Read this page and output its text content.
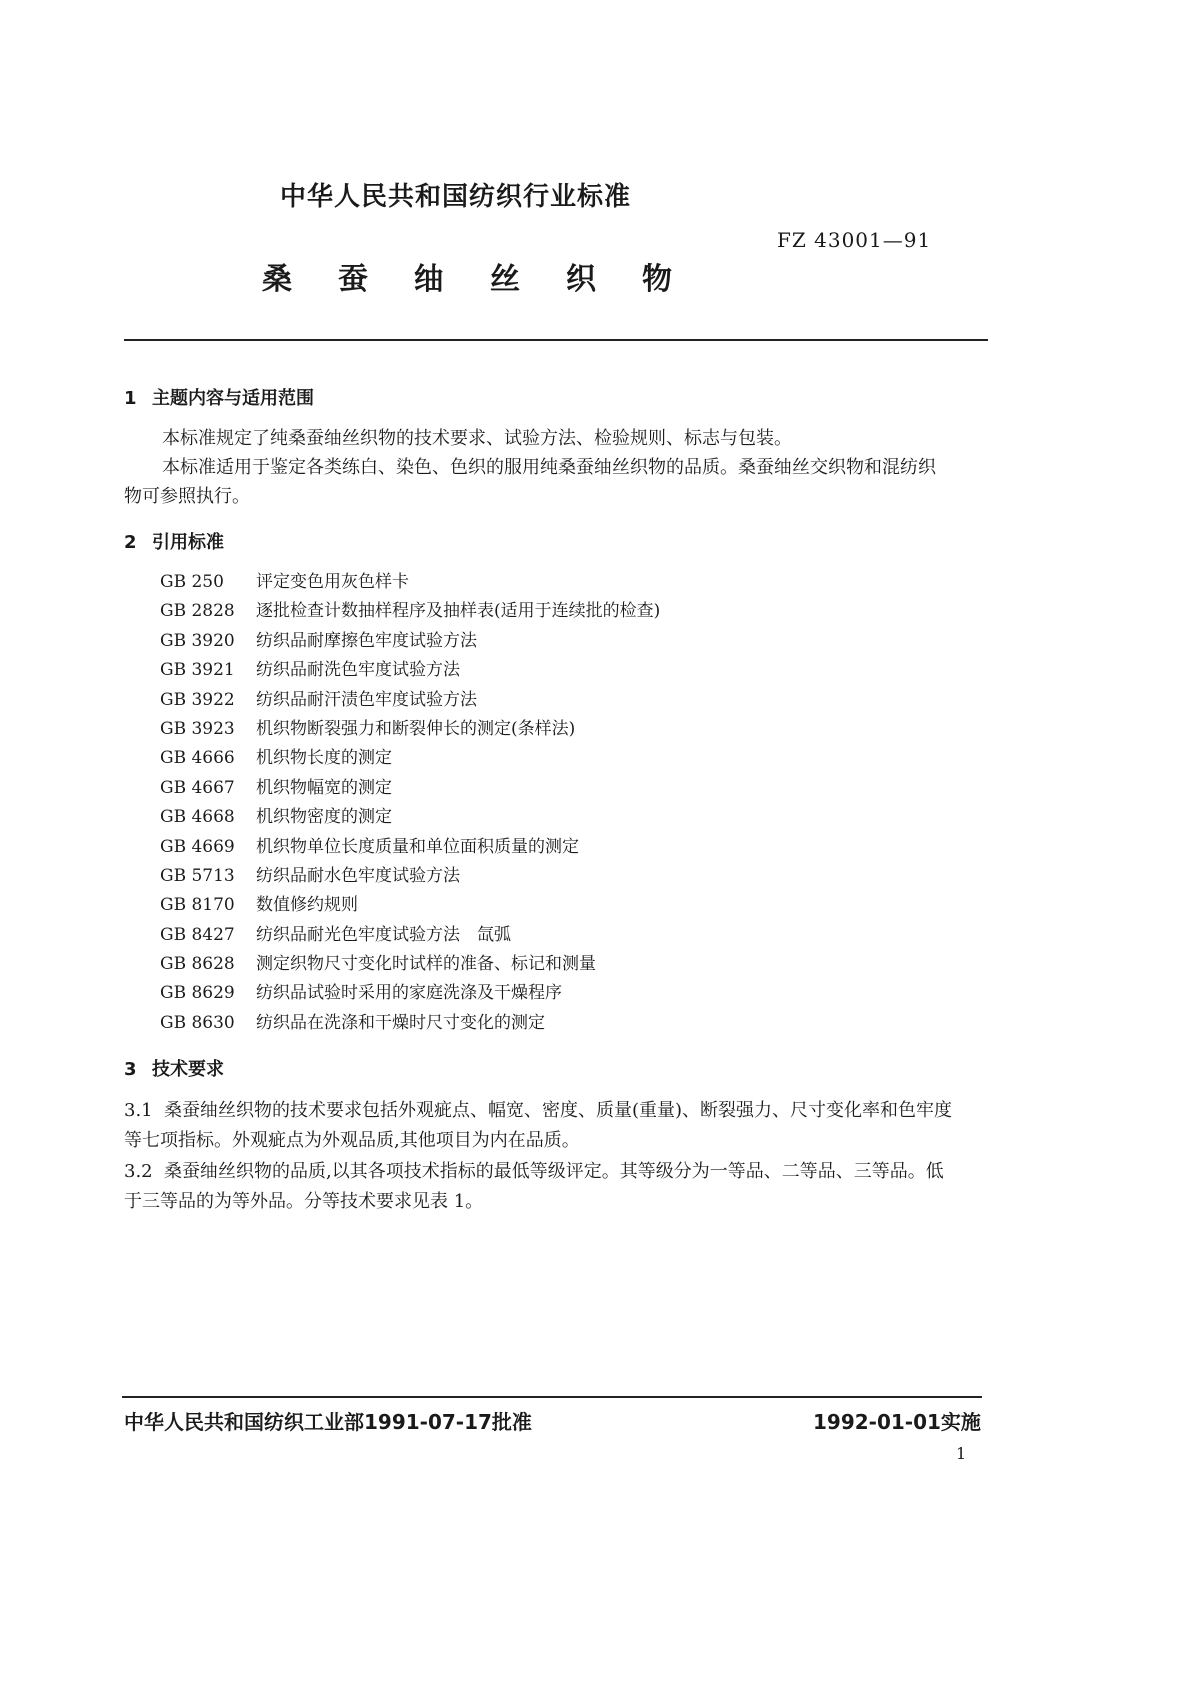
中华人民共和国纺织行业标准
FZ 43001—91
桑 蚕 䌷 丝 织 物
1 主题内容与适用范围
本标准规定了纯桑蚕䌷丝织物的技术要求、试验方法、检验规则、标志与包装。
本标准适用于鉴定各类练白、染色、色织的服用纯桑蚕䌷丝织物的品质。桑蚕䌷丝交织物和混纺织
物可参照执行。
2 引用标准
GB 250 评定变色用灰色样卡
GB 2828 逐批检查计数抽样程序及抽样表(适用于连续批的检查)
GB 3920 纺织品耐摩擦色牢度试验方法
GB 3921 纺织品耐洗色牢度试验方法
GB 3922 纺织品耐汗渍色牢度试验方法
GB 3923 机织物断裂强力和断裂伸长的测定(条样法)
GB 4666 机织物长度的测定
GB 4667 机织物幅宽的测定
GB 4668 机织物密度的测定
GB 4669 机织物单位长度质量和单位面积质量的测定
GB 5713 纺织品耐水色牢度试验方法
GB 8170 数值修约规则
GB 8427 纺织品耐光色牢度试验方法　氙弧
GB 8628 测定织物尺寸变化时试样的准备、标记和测量
GB 8629 纺织品试验时采用的家庭洗涤及干燥程序
GB 8630 纺织品在洗涤和干燥时尺寸变化的测定
3 技术要求
3.1 桑蚕䌷丝织物的技术要求包括外观疵点、幅宽、密度、质量(重量)、断裂强力、尺寸变化率和色牢度
等七项指标。外观疵点为外观品质,其他项目为内在品质。
3.2 桑蚕䌷丝织物的品质,以其各项技术指标的最低等级评定。其等级分为一等品、二等品、三等品。低
于三等品的为等外品。分等技术要求见表 1。
中华人民共和国纺织工业部1991-07-17批准	1992-01-01实施
1
